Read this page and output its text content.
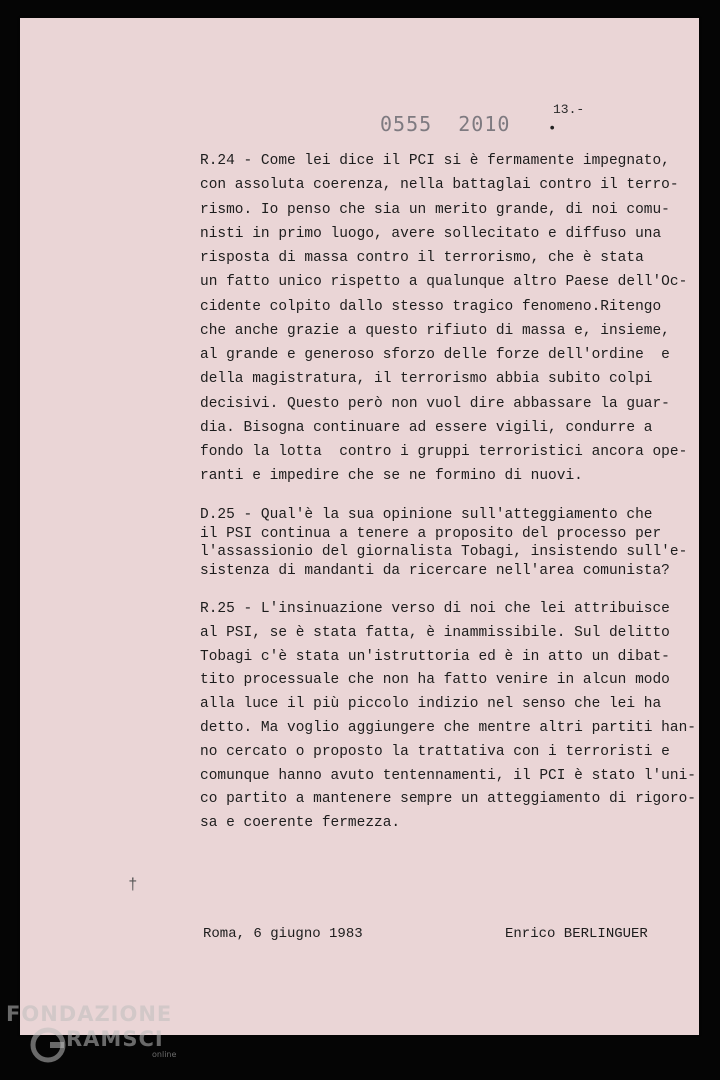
0555  2010
13.-
•
†
R.24 - Come lei dice il PCI si è fermamente impegnato,
con assoluta coerenza, nella battaglai contro il terro-
rismo. Io penso che sia un merito grande, di noi comu-
nisti in primo luogo, avere sollecitato e diffuso una
risposta di massa contro il terrorismo, che è stata
un fatto unico rispetto a qualunque altro Paese dell'Oc-
cidente colpito dallo stesso tragico fenomeno.Ritengo
che anche grazie a questo rifiuto di massa e, insieme,
al grande e generoso sforzo delle forze dell'ordine  e
della magistratura, il terrorismo abbia subito colpi
decisivi. Questo però non vuol dire abbassare la guar-
dia. Bisogna continuare ad essere vigili, condurre a
fondo la lotta  contro i gruppi terroristici ancora ope-
ranti e impedire che se ne formino di nuovi.
D.25 - Qual'è la sua opinione sull'atteggiamento che
il PSI continua a tenere a proposito del processo per
l'assassionio del giornalista Tobagi, insistendo sull'e-
sistenza di mandanti da ricercare nell'area comunista?
R.25 - L'insinuazione verso di noi che lei attribuisce
al PSI, se è stata fatta, è inammissibile. Sul delitto
Tobagi c'è stata un'istruttoria ed è in atto un dibat-
tito processuale che non ha fatto venire in alcun modo
alla luce il più piccolo indizio nel senso che lei ha
detto. Ma voglio aggiungere che mentre altri partiti han-
no cercato o proposto la trattativa con i terroristi e
comunque hanno avuto tentennamenti, il PCI è stato l'uni-
co partito a mantenere sempre un atteggiamento di rigoro-
sa e coerente fermezza.
Roma, 6 giugno 1983	Enrico BERLINGUER
FONDAZIONE
RAMSCI
online
